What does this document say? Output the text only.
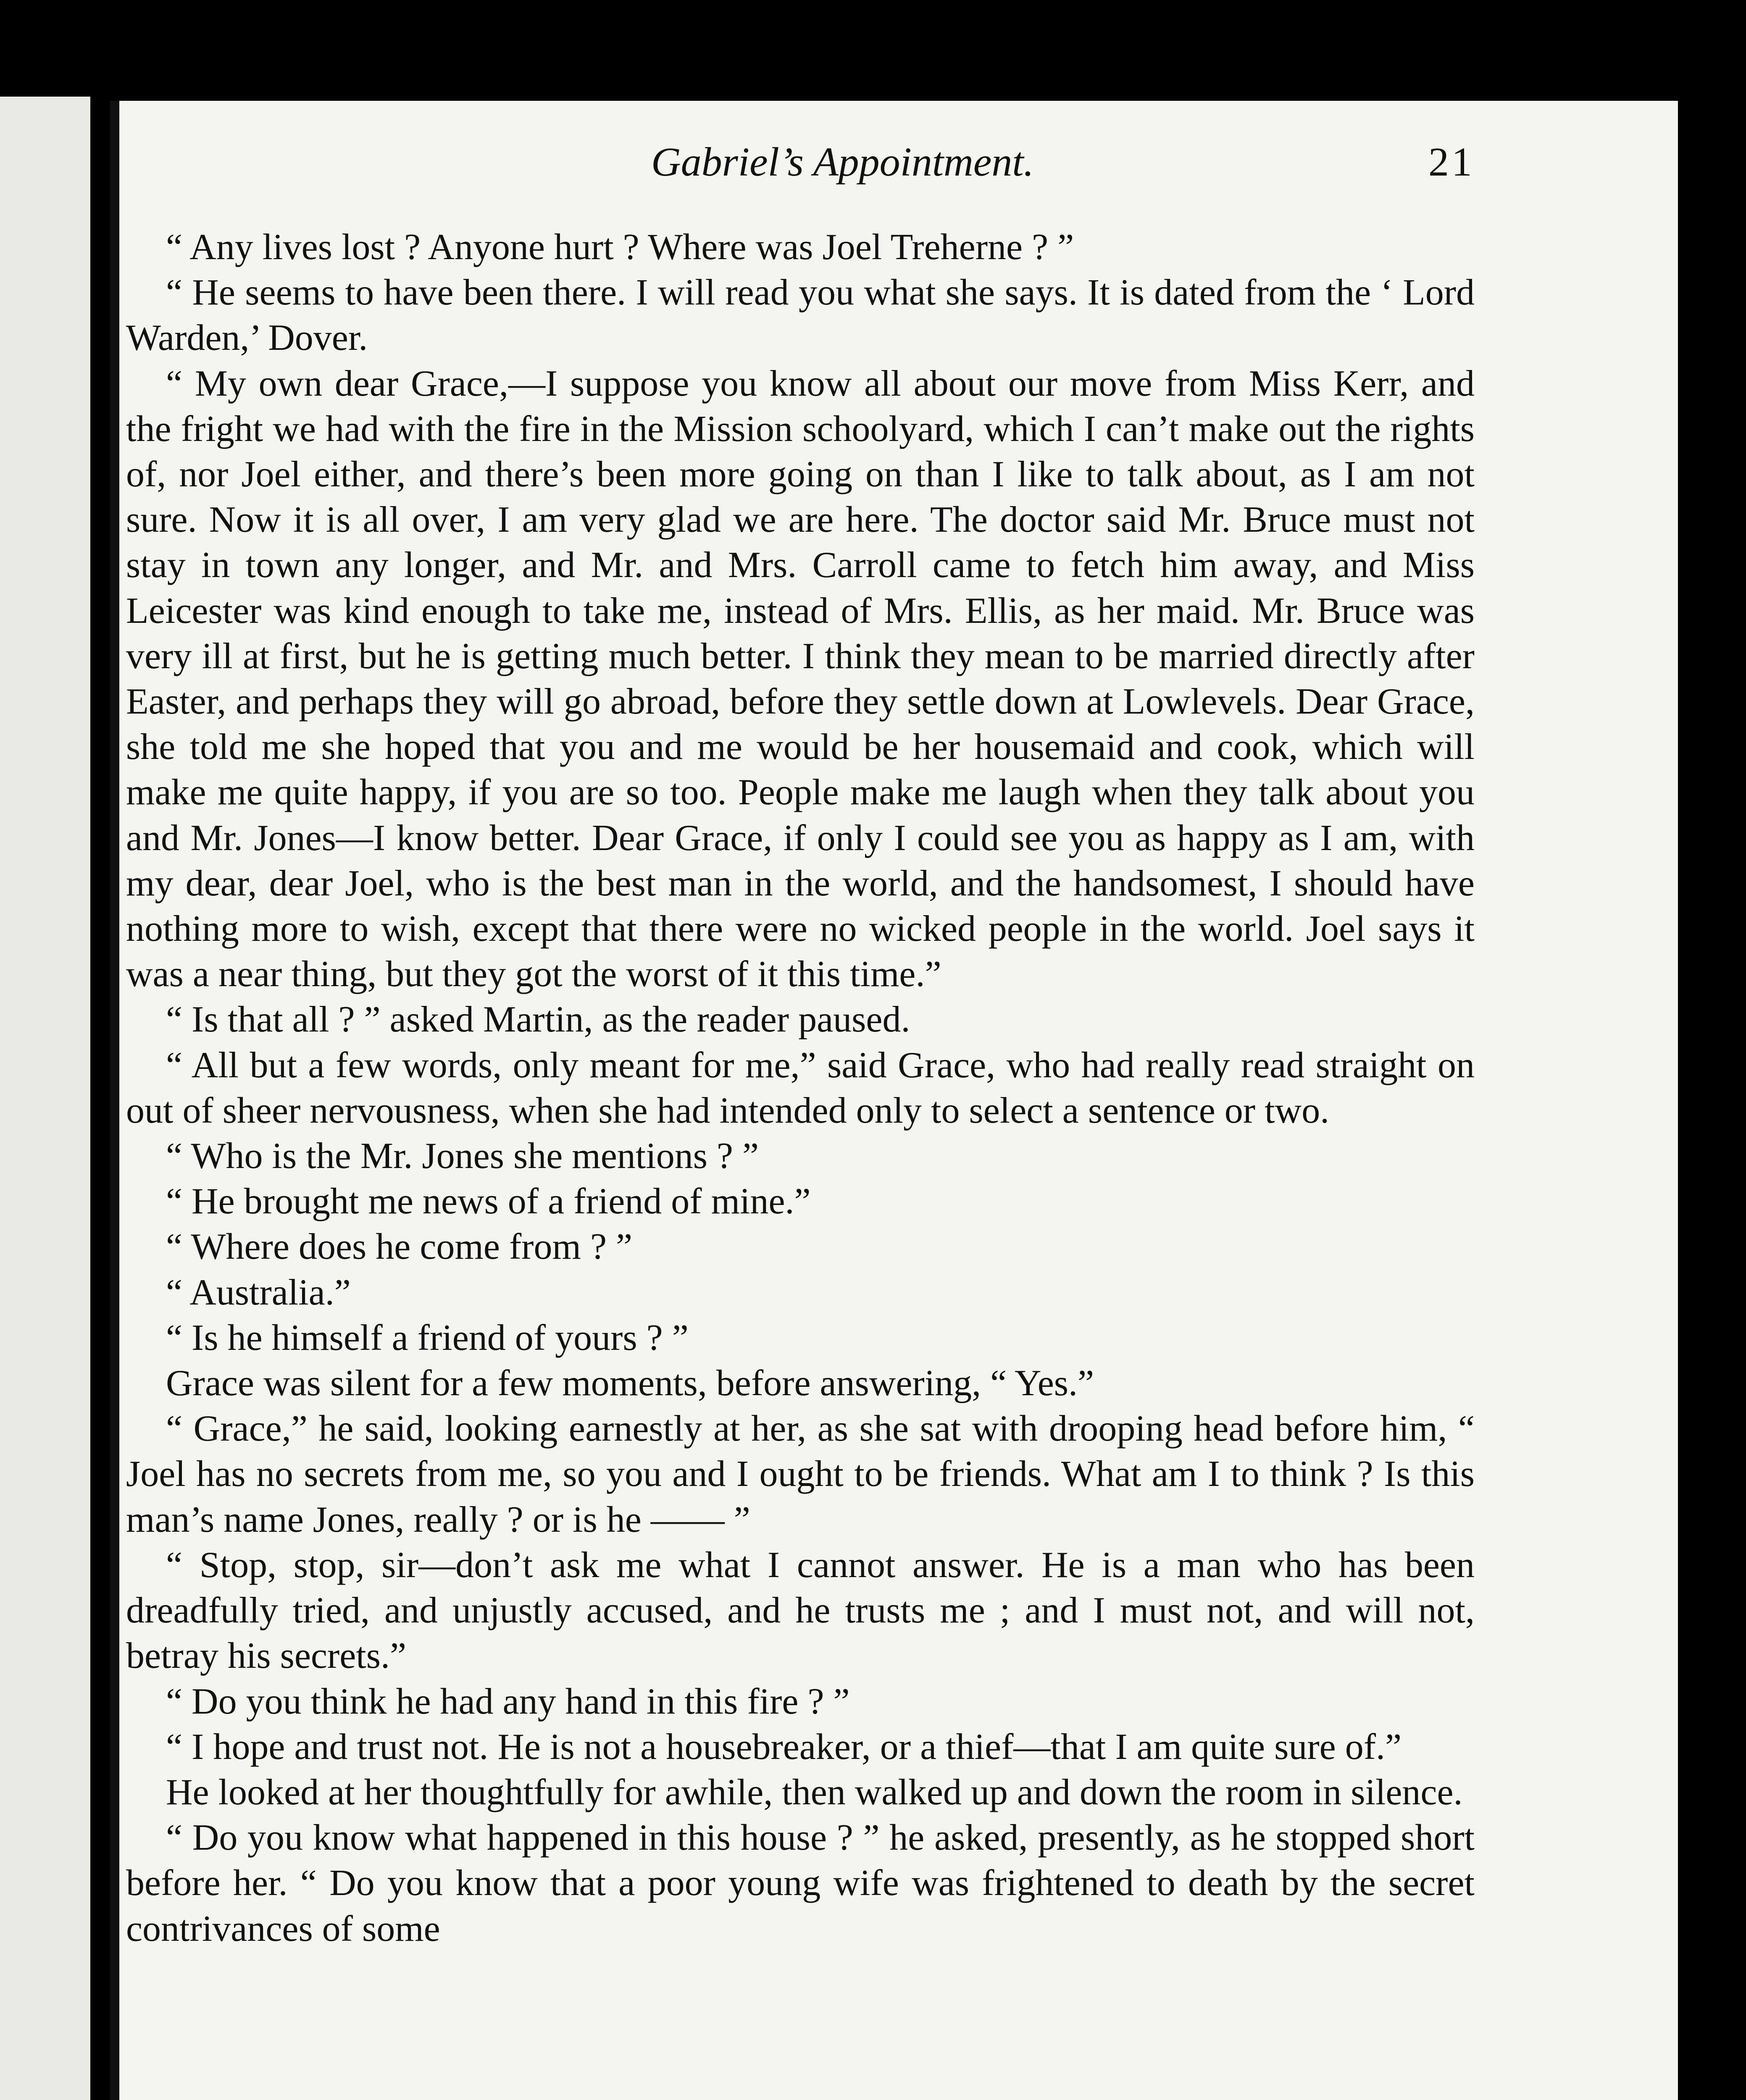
Gabriel’s Appointment.	21

“ Any lives lost ? Anyone hurt ? Where was Joel Treherne ? ”

“ He seems to have been there. I will read you what she says. It is dated from the ‘ Lord Warden,’ Dover.

“ My own dear Grace,—I suppose you know all about our move from Miss Kerr, and the fright we had with the fire in the Mission schoolyard, which I can’t make out the rights of, nor Joel either, and there’s been more going on than I like to talk about, as I am not sure. Now it is all over, I am very glad we are here. The doctor said Mr. Bruce must not stay in town any longer, and Mr. and Mrs. Carroll came to fetch him away, and Miss Leicester was kind enough to take me, instead of Mrs. Ellis, as her maid. Mr. Bruce was very ill at first, but he is getting much better. I think they mean to be married directly after Easter, and perhaps they will go abroad, before they settle down at Lowlevels. Dear Grace, she told me she hoped that you and me would be her housemaid and cook, which will make me quite happy, if you are so too. People make me laugh when they talk about you and Mr. Jones—I know better. Dear Grace, if only I could see you as happy as I am, with my dear, dear Joel, who is the best man in the world, and the handsomest, I should have nothing more to wish, except that there were no wicked people in the world. Joel says it was a near thing, but they got the worst of it this time.”

“ Is that all ? ” asked Martin, as the reader paused.

“ All but a few words, only meant for me,” said Grace, who had really read straight on out of sheer nervousness, when she had intended only to select a sentence or two.

“ Who is the Mr. Jones she mentions ? ”

“ He brought me news of a friend of mine.”

“ Where does he come from ? ”

“ Australia.”

“ Is he himself a friend of yours ? ”

Grace was silent for a few moments, before answering, “ Yes.”

“ Grace,” he said, looking earnestly at her, as she sat with drooping head before him, “ Joel has no secrets from me, so you and I ought to be friends. What am I to think ? Is this man’s name Jones, really ? or is he —— ”

“ Stop, stop, sir—don’t ask me what I cannot answer. He is a man who has been dreadfully tried, and unjustly accused, and he trusts me ; and I must not, and will not, betray his secrets.”

“ Do you think he had any hand in this fire ? ”

“ I hope and trust not. He is not a housebreaker, or a thief—that I am quite sure of.”

He looked at her thoughtfully for awhile, then walked up and down the room in silence.

“ Do you know what happened in this house ? ” he asked, presently, as he stopped short before her. “ Do you know that a poor young wife was frightened to death by the secret contrivances of some
